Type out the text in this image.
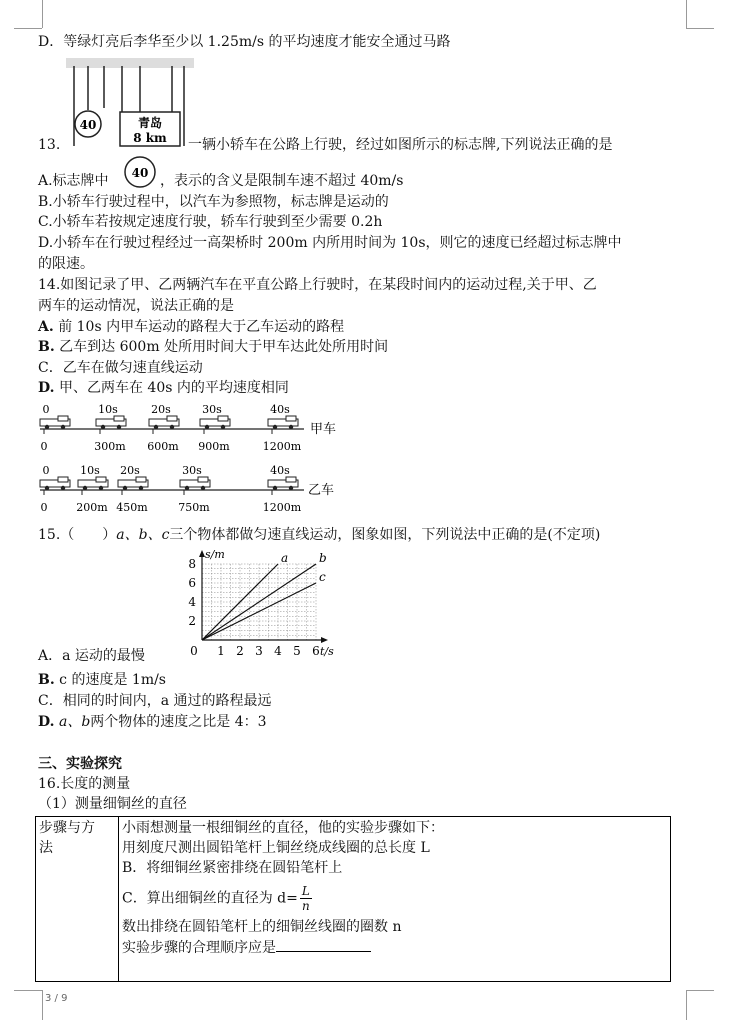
D．等绿灯亮后李华至少以 1.25m/s 的平均速度才能安全通过马路
40	青岛
8 km
13.	一辆小轿车在公路上行驶，经过如图所示的标志牌,下列说法正确的是
A.标志牌中 40 ，表示的含义是限制车速不超过 40m/s
B.小轿车行驶过程中，以汽车为参照物，标志牌是运动的
C.小轿车若按规定速度行驶，轿车行驶到至少需要 0.2h
D.小轿车在行驶过程经过一高架桥时 200m 内所用时间为 10s，则它的速度已经超过标志牌中
的限速。
14.如图记录了甲、乙两辆汽车在平直公路上行驶时，在某段时间内的运动过程,关于甲、乙
两车的运动情况，说法正确的是
A. 前 10s 内甲车运动的路程大于乙车运动的路程
B. 乙车到达 600m 处所用时间大于甲车达此处所用时间
C．乙车在做匀速直线运动
D. 甲、乙两车在 40s 内的平均速度相同
0
0
10s
300m
20s
600m
30s
900m
40s
1200m
甲车
0
0
10s
200m
20s
450m
30s
750m
40s
1200m
乙车
15.（　　）a、b、c三个物体都做匀速直线运动，图象如图，下列说法中正确的是(不定项)
0 1 2 3 4 5 6
2
4
6
8
s/m
t/s
a	b
c
A．a 运动的最慢
B. c 的速度是 1m/s
C．相同的时间内，a 通过的路程最远
D. a、b两个物体的速度之比是 4：3
三、实验探究
16.长度的测量
（1）测量细铜丝的直径
步骤与方
法

小雨想测量一根细铜丝的直径，他的实验步骤如下：
用刻度尺测出圆铅笔杆上铜丝绕成线圈的总长度 L
B．将细铜丝紧密排绕在圆铅笔杆上
C．算出细铜丝的直径为 $d= \frac{L}{n}$
数出排绕在圆铅笔杆上的细铜丝线圈的圈数 n
实验步骤的合理顺序应是
3 / 9
